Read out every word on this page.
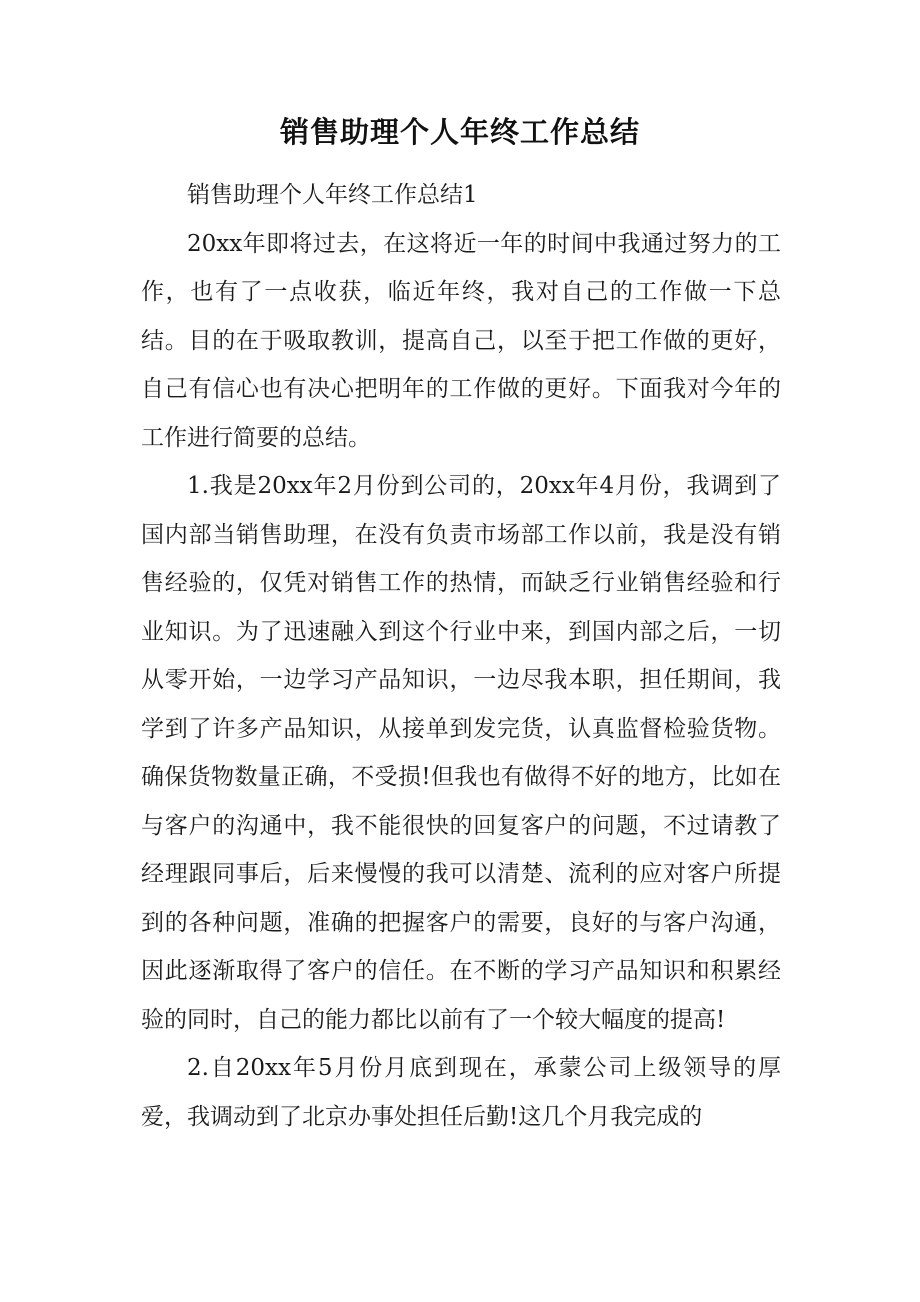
销售助理个人年终工作总结

销售助理个人年终工作总结1

20xx年即将过去，在这将近一年的时间中我通过努力的工作，也有了一点收获，临近年终，我对自己的工作做一下总结。目的在于吸取教训，提高自己，以至于把工作做的更好，自己有信心也有决心把明年的工作做的更好。下面我对今年的工作进行简要的总结。

1.我是20xx年2月份到公司的，20xx年4月份，我调到了国内部当销售助理，在没有负责市场部工作以前，我是没有销售经验的，仅凭对销售工作的热情，而缺乏行业销售经验和行业知识。为了迅速融入到这个行业中来，到国内部之后，一切从零开始，一边学习产品知识，一边尽我本职，担任期间，我学到了许多产品知识，从接单到发完货，认真监督检验货物。确保货物数量正确，不受损!但我也有做得不好的地方，比如在与客户的沟通中，我不能很快的回复客户的问题，不过请教了经理跟同事后，后来慢慢的我可以清楚、流利的应对客户所提到的各种问题，准确的把握客户的需要，良好的与客户沟通，因此逐渐取得了客户的信任。在不断的学习产品知识和积累经验的同时，自己的能力都比以前有了一个较大幅度的提高!

2.自20xx年5月份月底到现在，承蒙公司上级领导的厚爱，我调动到了北京办事处担任后勤!这几个月我完成的
